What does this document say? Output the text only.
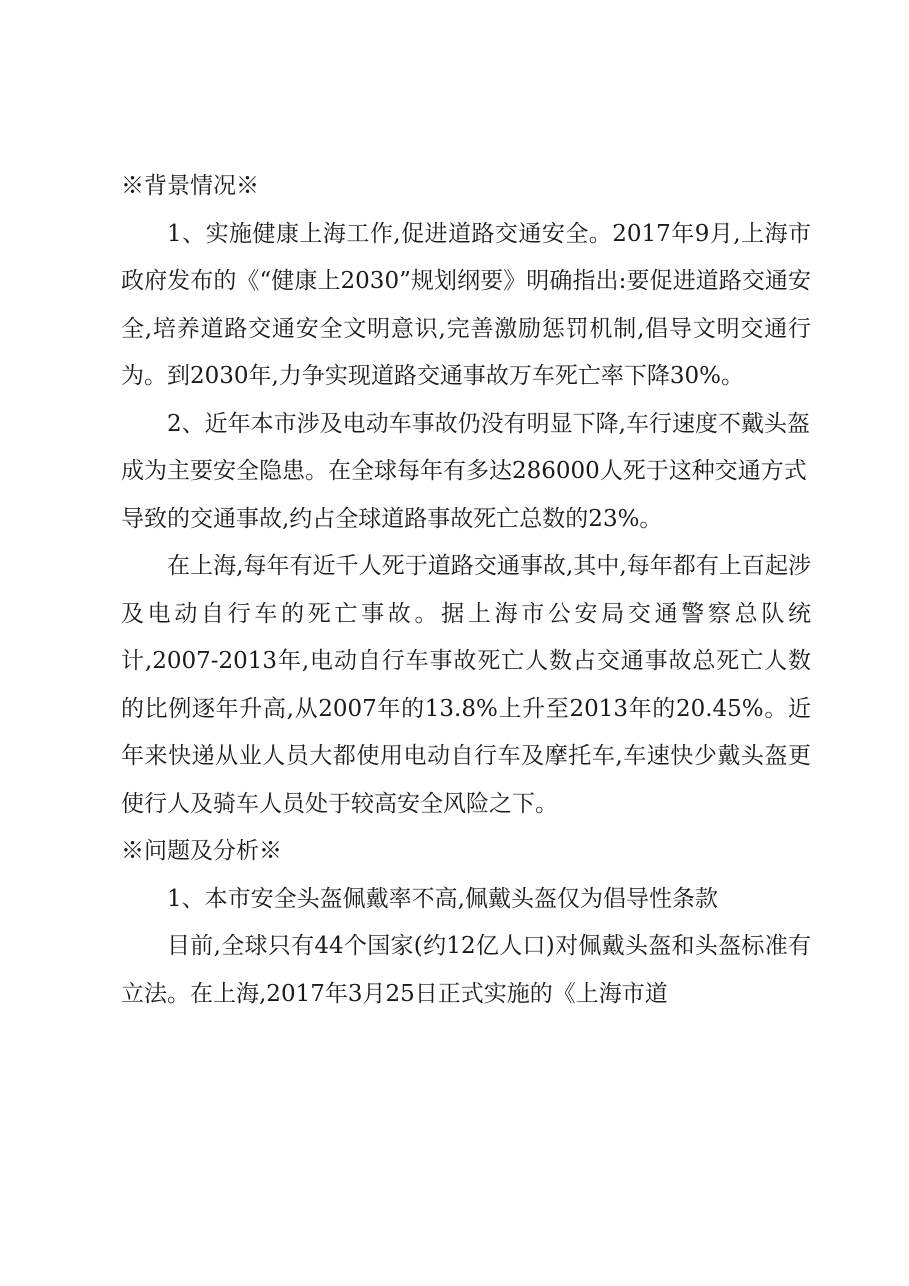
※背景情况※

1、实施健康上海工作,促进道路交通安全。2017年9月,上海市政府发布的《“健康上2030”规划纲要》明确指出:要促进道路交通安全,培养道路交通安全文明意识,完善激励惩罚机制,倡导文明交通行为。到2030年,力争实现道路交通事故万车死亡率下降30%。

2、近年本市涉及电动车事故仍没有明显下降,车行速度不戴头盔成为主要安全隐患。在全球每年有多达286000人死于这种交通方式导致的交通事故,约占全球道路事故死亡总数的23%。

在上海,每年有近千人死于道路交通事故,其中,每年都有上百起涉及电动自行车的死亡事故。据上海市公安局交通警察总队统计,2007-2013年,电动自行车事故死亡人数占交通事故总死亡人数的比例逐年升高,从2007年的13.8%上升至2013年的20.45%。近年来快递从业人员大都使用电动自行车及摩托车,车速快少戴头盔更使行人及骑车人员处于较高安全风险之下。

※问题及分析※

1、本市安全头盔佩戴率不高,佩戴头盔仅为倡导性条款

目前,全球只有44个国家(约12亿人口)对佩戴头盔和头盔标准有立法。在上海,2017年3月25日正式实施的《上海市道
